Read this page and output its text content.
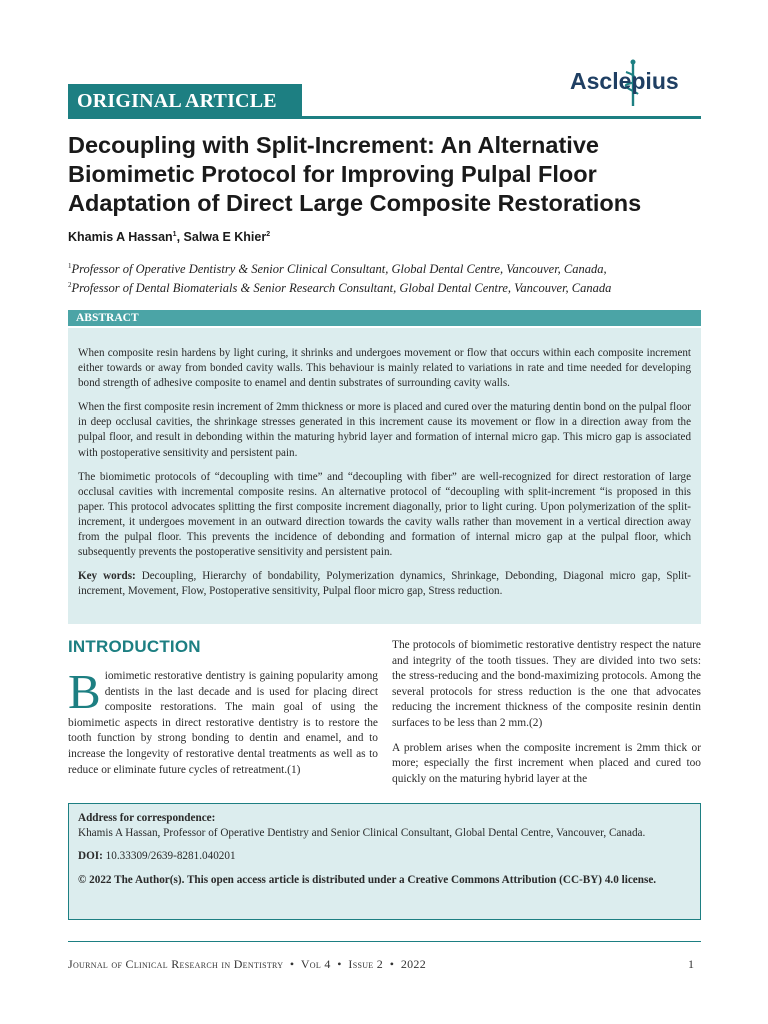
ORIGINAL ARTICLE
Asclepius
Decoupling with Split-Increment: An Alternative Biomimetic Protocol for Improving Pulpal Floor Adaptation of Direct Large Composite Restorations
Khamis A Hassan$^1$, Salwa E Khier$^2$
$^1$Professor of Operative Dentistry & Senior Clinical Consultant, Global Dental Centre, Vancouver, Canada,
$^2$Professor of Dental Biomaterials & Senior Research Consultant, Global Dental Centre, Vancouver, Canada
ABSTRACT

When composite resin hardens by light curing, it shrinks and undergoes movement or flow that occurs within each composite increment either towards or away from bonded cavity walls. This behaviour is mainly related to variations in rate and time needed for developing bond strength of adhesive composite to enamel and dentin substrates of surrounding cavity walls.

When the first composite resin increment of 2mm thickness or more is placed and cured over the maturing dentin bond on the pulpal floor in deep occlusal cavities, the shrinkage stresses generated in this increment cause its movement or flow in a direction away from the pulpal floor, and result in debonding within the maturing hybrid layer and formation of internal micro gap. This micro gap is associated with postoperative sensitivity and persistent pain.

The biomimetic protocols of “decoupling with time” and “decoupling with fiber” are well-recognized for direct restoration of large occlusal cavities with incremental composite resins. An alternative protocol of “decoupling with split-increment “is proposed in this paper. This protocol advocates splitting the first composite increment diagonally, prior to light curing. Upon polymerization of the split-increment, it undergoes movement in an outward direction towards the cavity walls rather than movement in a vertical direction away from the pulpal floor. This prevents the incidence of debonding and formation of internal micro gap at the pulpal floor, which subsequently prevents the postoperative sensitivity and persistent pain.

Key words: Decoupling, Hierarchy of bondability, Polymerization dynamics, Shrinkage, Debonding, Diagonal micro gap, Split-increment, Movement, Flow, Postoperative sensitivity, Pulpal floor micro gap, Stress reduction.

INTRODUCTION
Biomimetic restorative dentistry is gaining popularity among dentists in the last decade and is used for placing direct composite restorations. The main goal of using the biomimetic aspects in direct restorative dentistry is to restore the tooth function by strong bonding to dentin and enamel, and to increase the longevity of restorative dental treatments as well as to reduce or eliminate future cycles of retreatment.(1)

The protocols of biomimetic restorative dentistry respect the nature and integrity of the tooth tissues. They are divided into two sets: the stress-reducing and the bond-maximizing protocols. Among the several protocols for stress reduction is the one that advocates reducing the increment thickness of the composite resinin dentin surfaces to be less than 2 mm.(2)

A problem arises when the composite increment is 2mm thick or more; especially the first increment when placed and cured too quickly on the maturing hybrid layer at the

Address for correspondence:
Khamis A Hassan, Professor of Operative Dentistry and Senior Clinical Consultant, Global Dental Centre, Vancouver, Canada.
DOI: 10.33309/2639-8281.040201
© 2022 The Author(s). This open access article is distributed under a Creative Commons Attribution (CC-BY) 4.0 license.
Journal of Clinical Research in Dentistry • Vol 4 • Issue 2 • 2022	1
